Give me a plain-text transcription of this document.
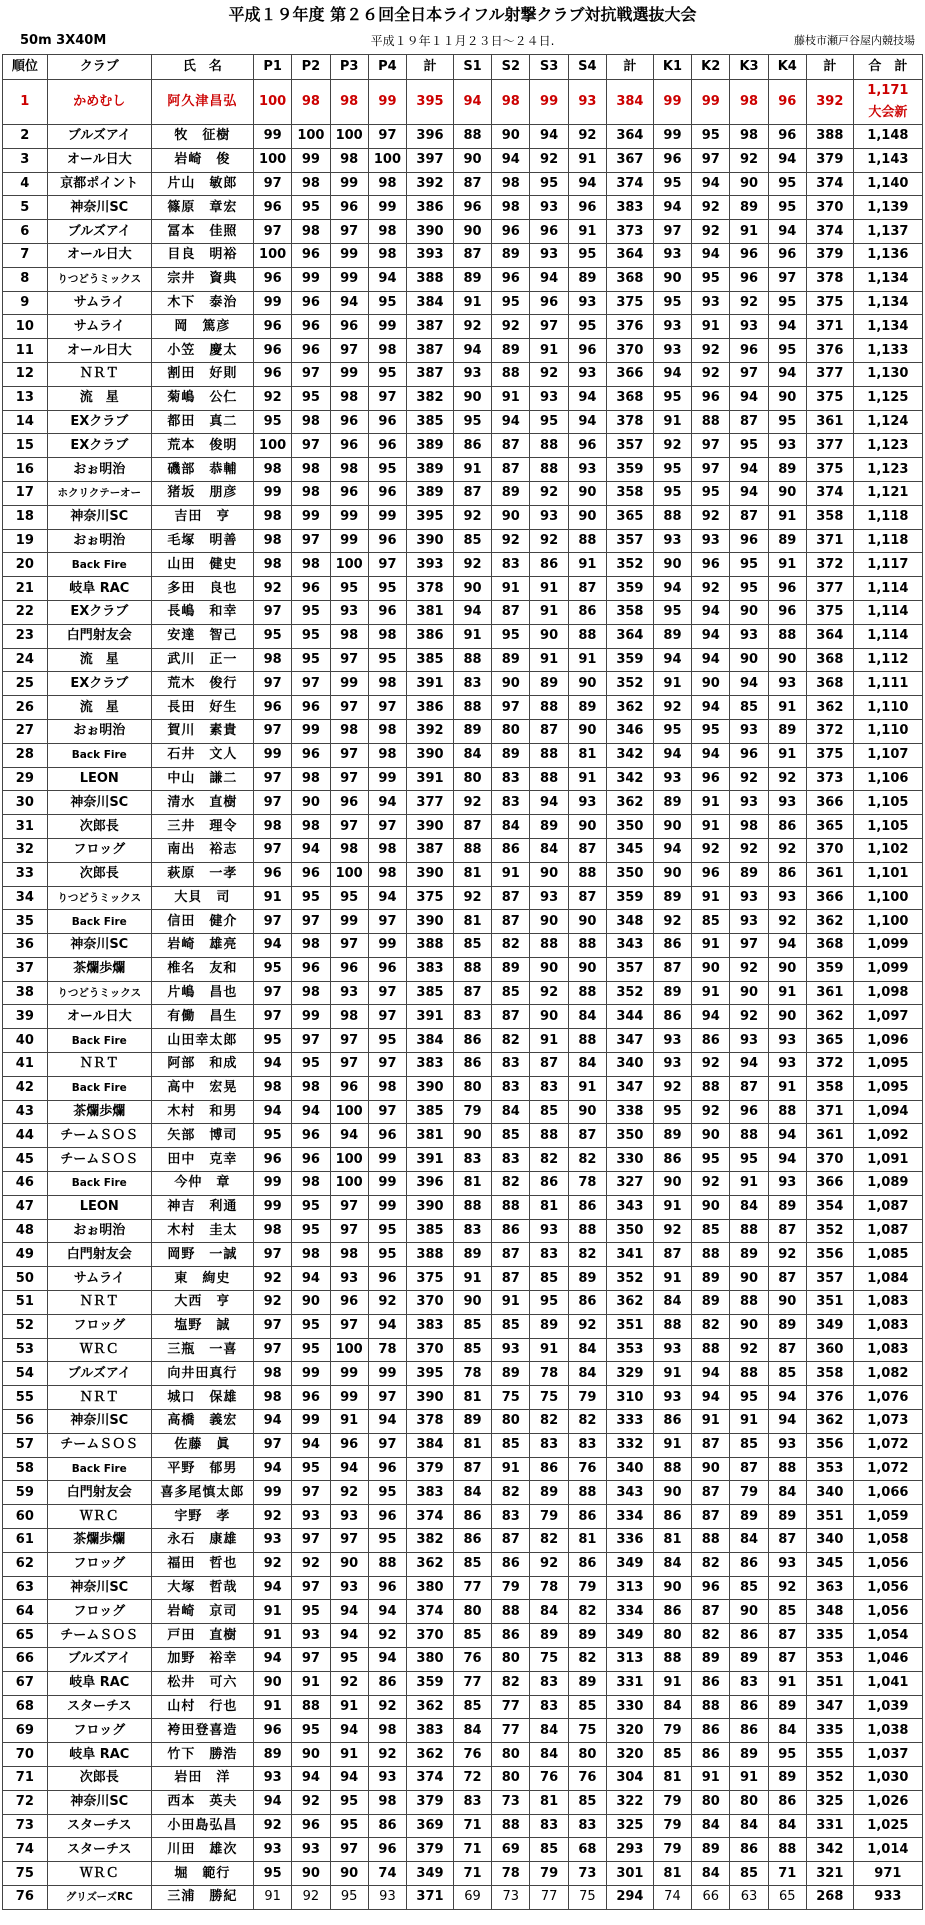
平成１９年度 第２６回全日本ライフル射撃クラブ対抗戦選抜大会
50m 3X40M	平成１９年１１月２３日～２４日.	藤枝市瀬戸谷屋内競技場
順位	クラブ	氏　名	P1	P2	P3	P4	計	S1	S2	S3	S4	計	K1	K2	K3	K4	計	合　計
1	かめむし	阿久津昌弘	100	98	98	99	395	94	98	99	93	384	99	99	98	96	392	1,171
大会新

2	ブルズアイ	牧　征樹	99	100	100	97	396	88	90	94	92	364	99	95	98	96	388	1,148
3	オール日大	岩崎　俊	100	99	98	100	397	90	94	92	91	367	96	97	92	94	379	1,143
4	京都ポイント	片山　敏郎	97	98	99	98	392	87	98	95	94	374	95	94	90	95	374	1,140
5	神奈川SC	篠原　章宏	96	95	96	99	386	96	98	93	96	383	94	92	89	95	370	1,139
6	ブルズアイ	冨本　佳照	97	98	97	98	390	90	96	96	91	373	97	92	91	94	374	1,137
7	オール日大	目良　明裕	100	96	99	98	393	87	89	93	95	364	93	94	96	96	379	1,136
8	りつどうミックス	宗井　資典	96	99	99	94	388	89	96	94	89	368	90	95	96	97	378	1,134
9	サムライ	木下　泰治	99	96	94	95	384	91	95	96	93	375	95	93	92	95	375	1,134
10	サムライ	岡　篤彦	96	96	96	99	387	92	92	97	95	376	93	91	93	94	371	1,134
11	オール日大	小笠　慶太	96	96	97	98	387	94	89	91	96	370	93	92	96	95	376	1,133
12	ＮＲＴ	割田　好則	96	97	99	95	387	93	88	92	93	366	94	92	97	94	377	1,130
13	流　星	菊嶋　公仁	92	95	98	97	382	90	91	93	94	368	95	96	94	90	375	1,125
14	EXクラブ	都田　真二	95	98	96	96	385	95	94	95	94	378	91	88	87	95	361	1,124
15	EXクラブ	荒本　俊明	100	97	96	96	389	86	87	88	96	357	92	97	95	93	377	1,123
16	おぉ明治	磯部　恭輔	98	98	98	95	389	91	87	88	93	359	95	97	94	89	375	1,123
17	ホクリクテーオー	猪坂　朋彦	99	98	96	96	389	87	89	92	90	358	95	95	94	90	374	1,121
18	神奈川SC	吉田　亨	98	99	99	99	395	92	90	93	90	365	88	92	87	91	358	1,118
19	おぉ明治	毛塚　明善	98	97	99	96	390	85	92	92	88	357	93	93	96	89	371	1,118
20	Back Fire	山田　健史	98	98	100	97	393	92	83	86	91	352	90	96	95	91	372	1,117
21	岐阜 RAC	多田　良也	92	96	95	95	378	90	91	91	87	359	94	92	95	96	377	1,114
22	EXクラブ	長嶋　和幸	97	95	93	96	381	94	87	91	86	358	95	94	90	96	375	1,114
23	白門射友会	安達　智己	95	95	98	98	386	91	95	90	88	364	89	94	93	88	364	1,114
24	流　星	武川　正一	98	95	97	95	385	88	89	91	91	359	94	94	90	90	368	1,112
25	EXクラブ	荒木　俊行	97	97	99	98	391	83	90	89	90	352	91	90	94	93	368	1,111
26	流　星	長田　好生	96	96	97	97	386	88	97	88	89	362	92	94	85	91	362	1,110
27	おぉ明治	賀川　素貴	97	99	98	98	392	89	80	87	90	346	95	95	93	89	372	1,110
28	Back Fire	石井　文人	99	96	97	98	390	84	89	88	81	342	94	94	96	91	375	1,107
29	LEON	中山　謙二	97	98	97	99	391	80	83	88	91	342	93	96	92	92	373	1,106
30	神奈川SC	清水　直樹	97	90	96	94	377	92	83	94	93	362	89	91	93	93	366	1,105
31	次郎長	三井　理令	98	98	97	97	390	87	84	89	90	350	90	91	98	86	365	1,105
32	フロッグ	南出　裕志	97	94	98	98	387	88	86	84	87	345	94	92	92	92	370	1,102
33	次郎長	萩原　一孝	96	96	100	98	390	81	91	90	88	350	90	96	89	86	361	1,101
34	りつどうミックス	大貝　司	91	95	95	94	375	92	87	93	87	359	89	91	93	93	366	1,100
35	Back Fire	信田　健介	97	97	99	97	390	81	87	90	90	348	92	85	93	92	362	1,100
36	神奈川SC	岩崎　雄亮	94	98	97	99	388	85	82	88	88	343	86	91	97	94	368	1,099
37	茶爛歩爛	椎名　友和	95	96	96	96	383	88	89	90	90	357	87	90	92	90	359	1,099
38	りつどうミックス	片嶋　昌也	97	98	93	97	385	87	85	92	88	352	89	91	90	91	361	1,098
39	オール日大	有働　昌生	97	99	98	97	391	83	87	90	84	344	86	94	92	90	362	1,097
40	Back Fire	山田幸太郎	95	97	97	95	384	86	82	91	88	347	93	86	93	93	365	1,096
41	ＮＲＴ	阿部　和成	94	95	97	97	383	86	83	87	84	340	93	92	94	93	372	1,095
42	Back Fire	高中　宏晃	98	98	96	98	390	80	83	83	91	347	92	88	87	91	358	1,095
43	茶爛歩爛	木村　和男	94	94	100	97	385	79	84	85	90	338	95	92	96	88	371	1,094
44	チームＳＯＳ	矢部　博司	95	96	94	96	381	90	85	88	87	350	89	90	88	94	361	1,092
45	チームＳＯＳ	田中　克幸	96	96	100	99	391	83	83	82	82	330	86	95	95	94	370	1,091
46	Back Fire	今仲　章	99	98	100	99	396	81	82	86	78	327	90	92	91	93	366	1,089
47	LEON	神吉　利通	99	95	97	99	390	88	88	81	86	343	91	90	84	89	354	1,087
48	おぉ明治	木村　圭太	98	95	97	95	385	83	86	93	88	350	92	85	88	87	352	1,087
49	白門射友会	岡野　一誠	97	98	98	95	388	89	87	83	82	341	87	88	89	92	356	1,085
50	サムライ	東　絢史	92	94	93	96	375	91	87	85	89	352	91	89	90	87	357	1,084
51	ＮＲＴ	大西　亨	92	90	96	92	370	90	91	95	86	362	84	89	88	90	351	1,083
52	フロッグ	塩野　誠	97	95	97	94	383	85	85	89	92	351	88	82	90	89	349	1,083
53	ＷＲＣ	三瓶　一喜	97	95	100	78	370	85	93	91	84	353	93	88	92	87	360	1,083
54	ブルズアイ	向井田真行	98	99	99	99	395	78	89	78	84	329	91	94	88	85	358	1,082
55	ＮＲＴ	城口　保雄	98	96	99	97	390	81	75	75	79	310	93	94	95	94	376	1,076
56	神奈川SC	高橋　義宏	94	99	91	94	378	89	80	82	82	333	86	91	91	94	362	1,073
57	チームＳＯＳ	佐藤　眞	97	94	96	97	384	81	85	83	83	332	91	87	85	93	356	1,072
58	Back Fire	平野　郁男	94	95	94	96	379	87	91	86	76	340	88	90	87	88	353	1,072
59	白門射友会	喜多尾慎太郎	99	97	92	95	383	84	82	89	88	343	90	87	79	84	340	1,066
60	ＷＲＣ	宇野　孝	92	93	93	96	374	86	83	79	86	334	86	87	89	89	351	1,059
61	茶爛歩爛	永石　康雄	93	97	97	95	382	86	87	82	81	336	81	88	84	87	340	1,058
62	フロッグ	福田　哲也	92	92	90	88	362	85	86	92	86	349	84	82	86	93	345	1,056
63	神奈川SC	大塚　哲哉	94	97	93	96	380	77	79	78	79	313	90	96	85	92	363	1,056
64	フロッグ	岩崎　京司	91	95	94	94	374	80	88	84	82	334	86	87	90	85	348	1,056
65	チームＳＯＳ	戸田　直樹	91	93	94	92	370	85	86	89	89	349	80	82	86	87	335	1,054
66	ブルズアイ	加野　裕幸	94	97	95	94	380	76	80	75	82	313	88	89	89	87	353	1,046
67	岐阜 RAC	松井　可六	90	91	92	86	359	77	82	83	89	331	91	86	83	91	351	1,041
68	スターチス	山村　行也	91	88	91	92	362	85	77	83	85	330	84	88	86	89	347	1,039
69	フロッグ	袴田登喜造	96	95	94	98	383	84	77	84	75	320	79	86	86	84	335	1,038
70	岐阜 RAC	竹下　勝浩	89	90	91	92	362	76	80	84	80	320	85	86	89	95	355	1,037
71	次郎長	岩田　洋	93	94	94	93	374	72	80	76	76	304	81	91	91	89	352	1,030
72	神奈川SC	西本　英夫	94	92	95	98	379	83	73	81	85	322	79	80	80	86	325	1,026
73	スターチス	小田島弘昌	92	96	95	86	369	71	88	83	83	325	79	84	84	84	331	1,025
74	スターチス	川田　雄次	93	93	97	96	379	71	69	85	68	293	79	89	86	88	342	1,014
75	ＷＲＣ	堀　範行	95	90	90	74	349	71	78	79	73	301	81	84	85	71	321	971
76	グリズーズRC	三浦　勝紀	91	92	95	93	371	69	73	77	75	294	74	66	63	65	268	933
